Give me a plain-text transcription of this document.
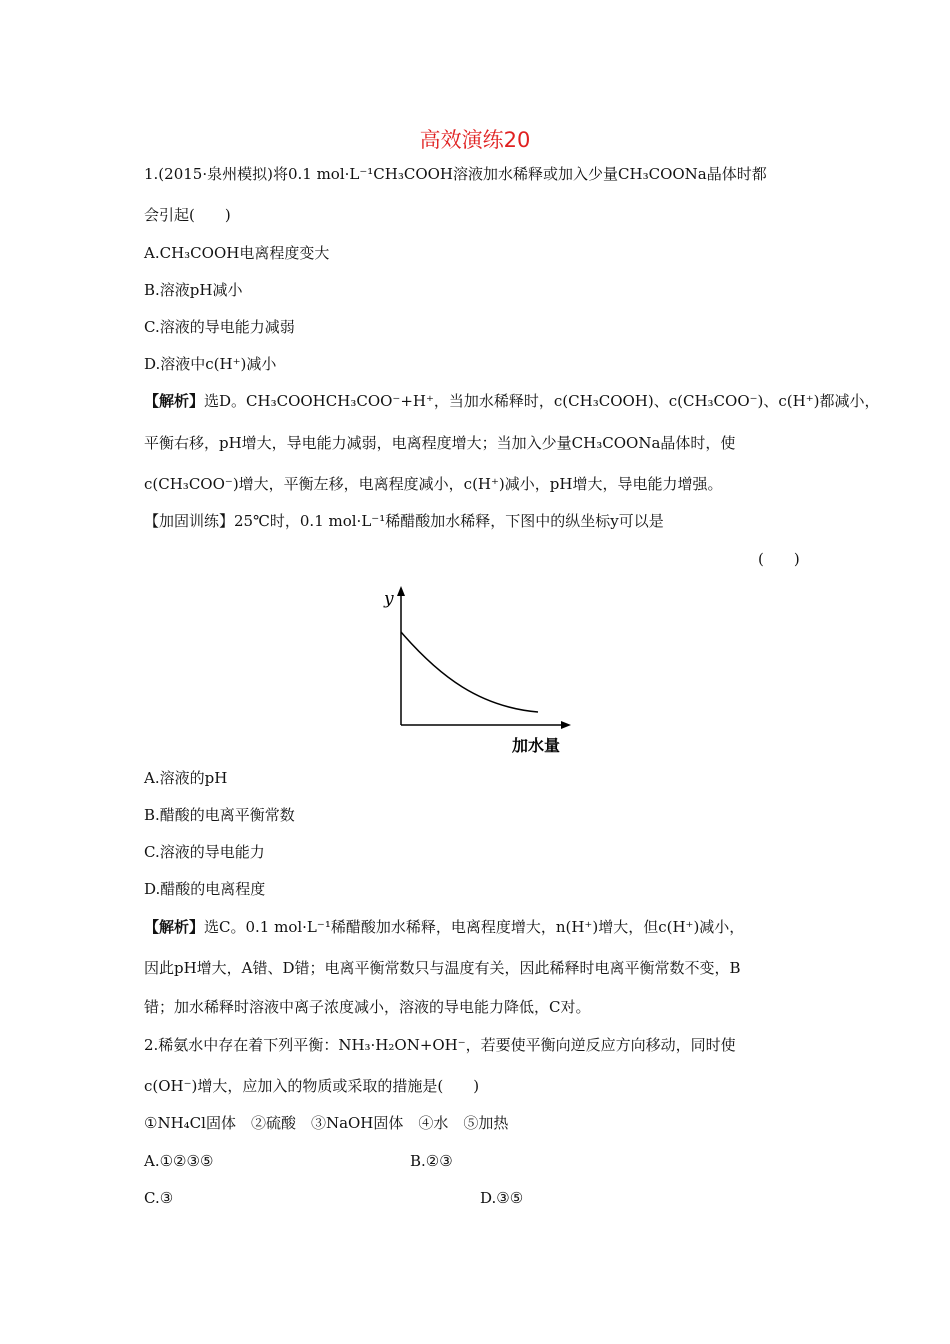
高效演练20
1.(2015·泉州模拟)将0.1 mol·L⁻¹CH₃COOH溶液加水稀释或加入少量CH₃COONa晶体时都
会引起(　　)
A.CH₃COOH电离程度变大
B.溶液pH减小
C.溶液的导电能力减弱
D.溶液中c(H⁺)减小
【解析】选D。CH₃COOHCH₃COO⁻+H⁺，当加水稀释时，c(CH₃COOH)、c(CH₃COO⁻)、c(H⁺)都减小，
平衡右移，pH增大，导电能力减弱，电离程度增大；当加入少量CH₃COONa晶体时，使
c(CH₃COO⁻)增大，平衡左移，电离程度减小，c(H⁺)减小，pH增大，导电能力增强。
【加固训练】25℃时，0.1 mol·L⁻¹稀醋酸加水稀释，下图中的纵坐标y可以是
(　　)
y
加水量
A.溶液的pH
B.醋酸的电离平衡常数
C.溶液的导电能力
D.醋酸的电离程度
【解析】选C。0.1 mol·L⁻¹稀醋酸加水稀释，电离程度增大，n(H⁺)增大，但c(H⁺)减小，
因此pH增大，A错、D错；电离平衡常数只与温度有关，因此稀释时电离平衡常数不变，B
错；加水稀释时溶液中离子浓度减小，溶液的导电能力降低，C对。
2.稀氨水中存在着下列平衡：NH₃·H₂ON+OH⁻，若要使平衡向逆反应方向移动，同时使
c(OH⁻)增大，应加入的物质或采取的措施是(　　)
①NH₄Cl固体　②硫酸　③NaOH固体　④水　⑤加热
A.①②③⑤	B.②③
C.③	D.③⑤
